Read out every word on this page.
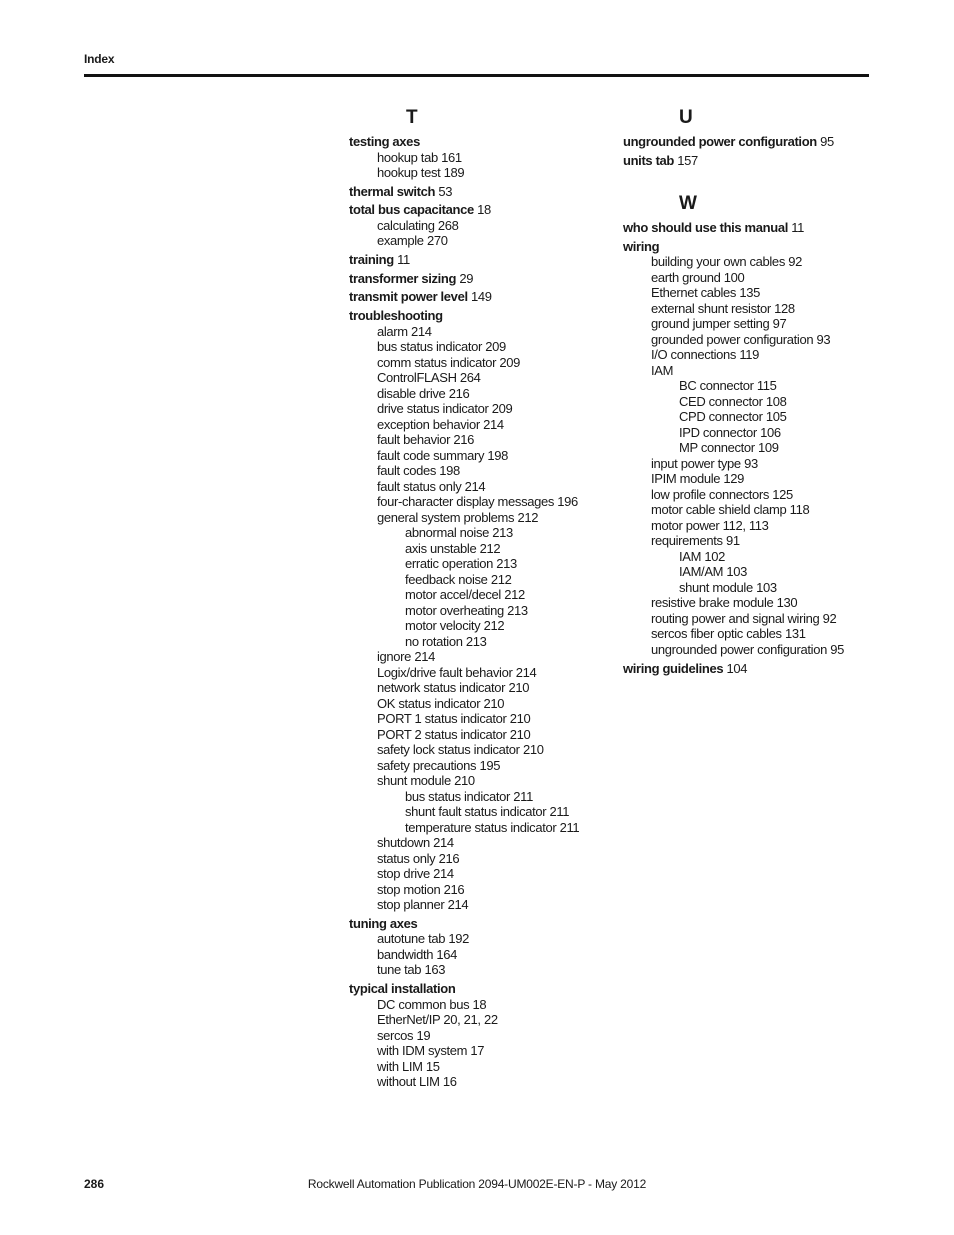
Index
T
testing axes
hookup tab 161
hookup test 189
thermal switch 53
total bus capacitance 18
calculating 268
example 270
training 11
transformer sizing 29
transmit power level 149
troubleshooting
alarm 214
bus status indicator 209
comm status indicator 209
ControlFLASH 264
disable drive 216
drive status indicator 209
exception behavior 214
fault behavior 216
fault code summary 198
fault codes 198
fault status only 214
four-character display messages 196
general system problems 212
abnormal noise 213
axis unstable 212
erratic operation 213
feedback noise 212
motor accel/decel 212
motor overheating 213
motor velocity 212
no rotation 213
ignore 214
Logix/drive fault behavior 214
network status indicator 210
OK status indicator 210
PORT 1 status indicator 210
PORT 2 status indicator 210
safety lock status indicator 210
safety precautions 195
shunt module 210
bus status indicator 211
shunt fault status indicator 211
temperature status indicator 211
shutdown 214
status only 216
stop drive 214
stop motion 216
stop planner 214
tuning axes
autotune tab 192
bandwidth 164
tune tab 163
typical installation
DC common bus 18
EtherNet/IP 20, 21, 22
sercos 19
with IDM system 17
with LIM 15
without LIM 16
U
ungrounded power configuration 95
units tab 157
W
who should use this manual 11
wiring
building your own cables 92
earth ground 100
Ethernet cables 135
external shunt resistor 128
ground jumper setting 97
grounded power configuration 93
I/O connections 119
IAM
BC connector 115
CED connector 108
CPD connector 105
IPD connector 106
MP connector 109
input power type 93
IPIM module 129
low profile connectors 125
motor cable shield clamp 118
motor power 112, 113
requirements 91
IAM 102
IAM/AM 103
shunt module 103
resistive brake module 130
routing power and signal wiring 92
sercos fiber optic cables 131
ungrounded power configuration 95
wiring guidelines 104
286	Rockwell Automation Publication 2094-UM002E-EN-P - May 2012
